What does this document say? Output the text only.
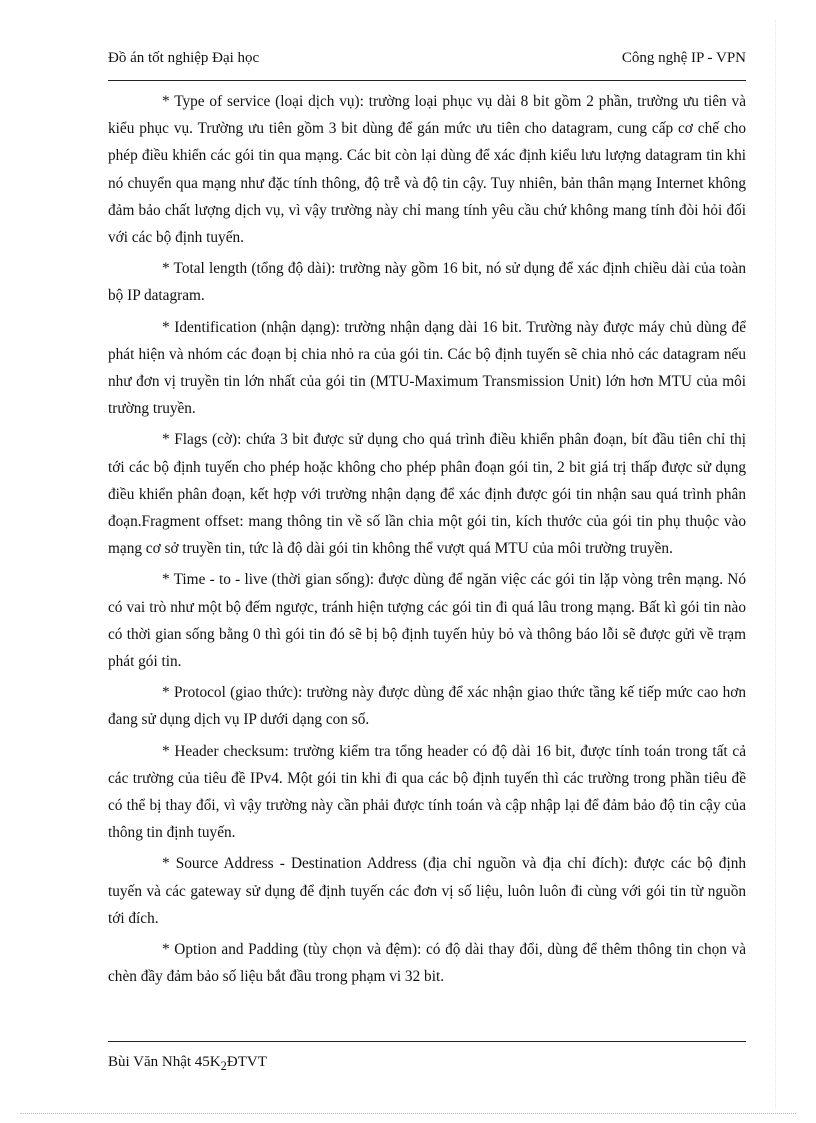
Đồ án tốt nghiệp Đại học	Công nghệ IP - VPN

* Type of service (loại dịch vụ): trường loại phục vụ dài 8 bit gồm 2 phần, trường ưu tiên và kiểu phục vụ. Trường ưu tiên gồm 3 bit dùng để gán mức ưu tiên cho datagram, cung cấp cơ chế cho phép điều khiển các gói tin qua mạng. Các bit còn lại dùng để xác định kiểu lưu lượng datagram tin khi nó chuyển qua mạng như đặc tính thông, độ trễ và độ tin cậy. Tuy nhiên, bản thân mạng Internet không đảm bảo chất lượng dịch vụ, vì vậy trường này chỉ mang tính yêu cầu chứ không mang tính đòi hỏi đối với các bộ định tuyến.

* Total length (tổng độ dài): trường này gồm 16 bit, nó sử dụng để xác định chiều dài của toàn bộ IP datagram.

* Identification (nhận dạng): trường nhận dạng dài 16 bit. Trường này được máy chủ dùng để phát hiện và nhóm các đoạn bị chia nhỏ ra của gói tin. Các bộ định tuyến sẽ chia nhỏ các datagram nếu như đơn vị truyền tin lớn nhất của gói tin (MTU-Maximum Transmission Unit) lớn hơn MTU của môi trường truyền.

* Flags (cờ): chứa 3 bit được sử dụng cho quá trình điều khiển phân đoạn, bít đầu tiên chỉ thị tới các bộ định tuyến cho phép hoặc không cho phép phân đoạn gói tin, 2 bit giá trị thấp được sử dụng điều khiển phân đoạn, kết hợp với trường nhận dạng để xác định được gói tin nhận sau quá trình phân đoạn.Fragment offset: mang thông tin về số lần chia một gói tin, kích thước của gói tin phụ thuộc vào mạng cơ sở truyền tin, tức là độ dài gói tin không thể vượt quá MTU của môi trường truyền.

* Time - to - live (thời gian sống): được dùng để ngăn việc các gói tin lặp vòng trên mạng. Nó có vai trò như một bộ đếm ngược, tránh hiện tượng các gói tin đi quá lâu trong mạng. Bất kì gói tin nào có thời gian sống bằng 0 thì gói tin đó sẽ bị bộ định tuyến hủy bỏ và thông báo lỗi sẽ được gửi về trạm phát gói tin.

* Protocol (giao thức): trường này được dùng để xác nhận giao thức tầng kế tiếp mức cao hơn đang sử dụng dịch vụ IP dưới dạng con số.

* Header checksum: trường kiểm tra tổng header có độ dài 16 bit, được tính toán trong tất cả các trường của tiêu đề IPv4. Một gói tin khi đi qua các bộ định tuyến thì các trường trong phần tiêu đề có thể bị thay đổi, vì vậy trường này cần phải được tính toán và cập nhập lại để đảm bảo độ tin cậy của thông tin định tuyến.

* Source Address - Destination Address (địa chỉ nguồn và địa chỉ đích): được các bộ định tuyến và các gateway sử dụng để định tuyến các đơn vị số liệu, luôn luôn đi cùng với gói tin từ nguồn tới đích.

* Option and Padding (tùy chọn và đệm): có độ dài thay đổi, dùng để thêm thông tin chọn và chèn đầy đảm bảo số liệu bắt đầu trong phạm vi 32 bit.

Bùi Văn Nhật $45K_2ĐTVT$
